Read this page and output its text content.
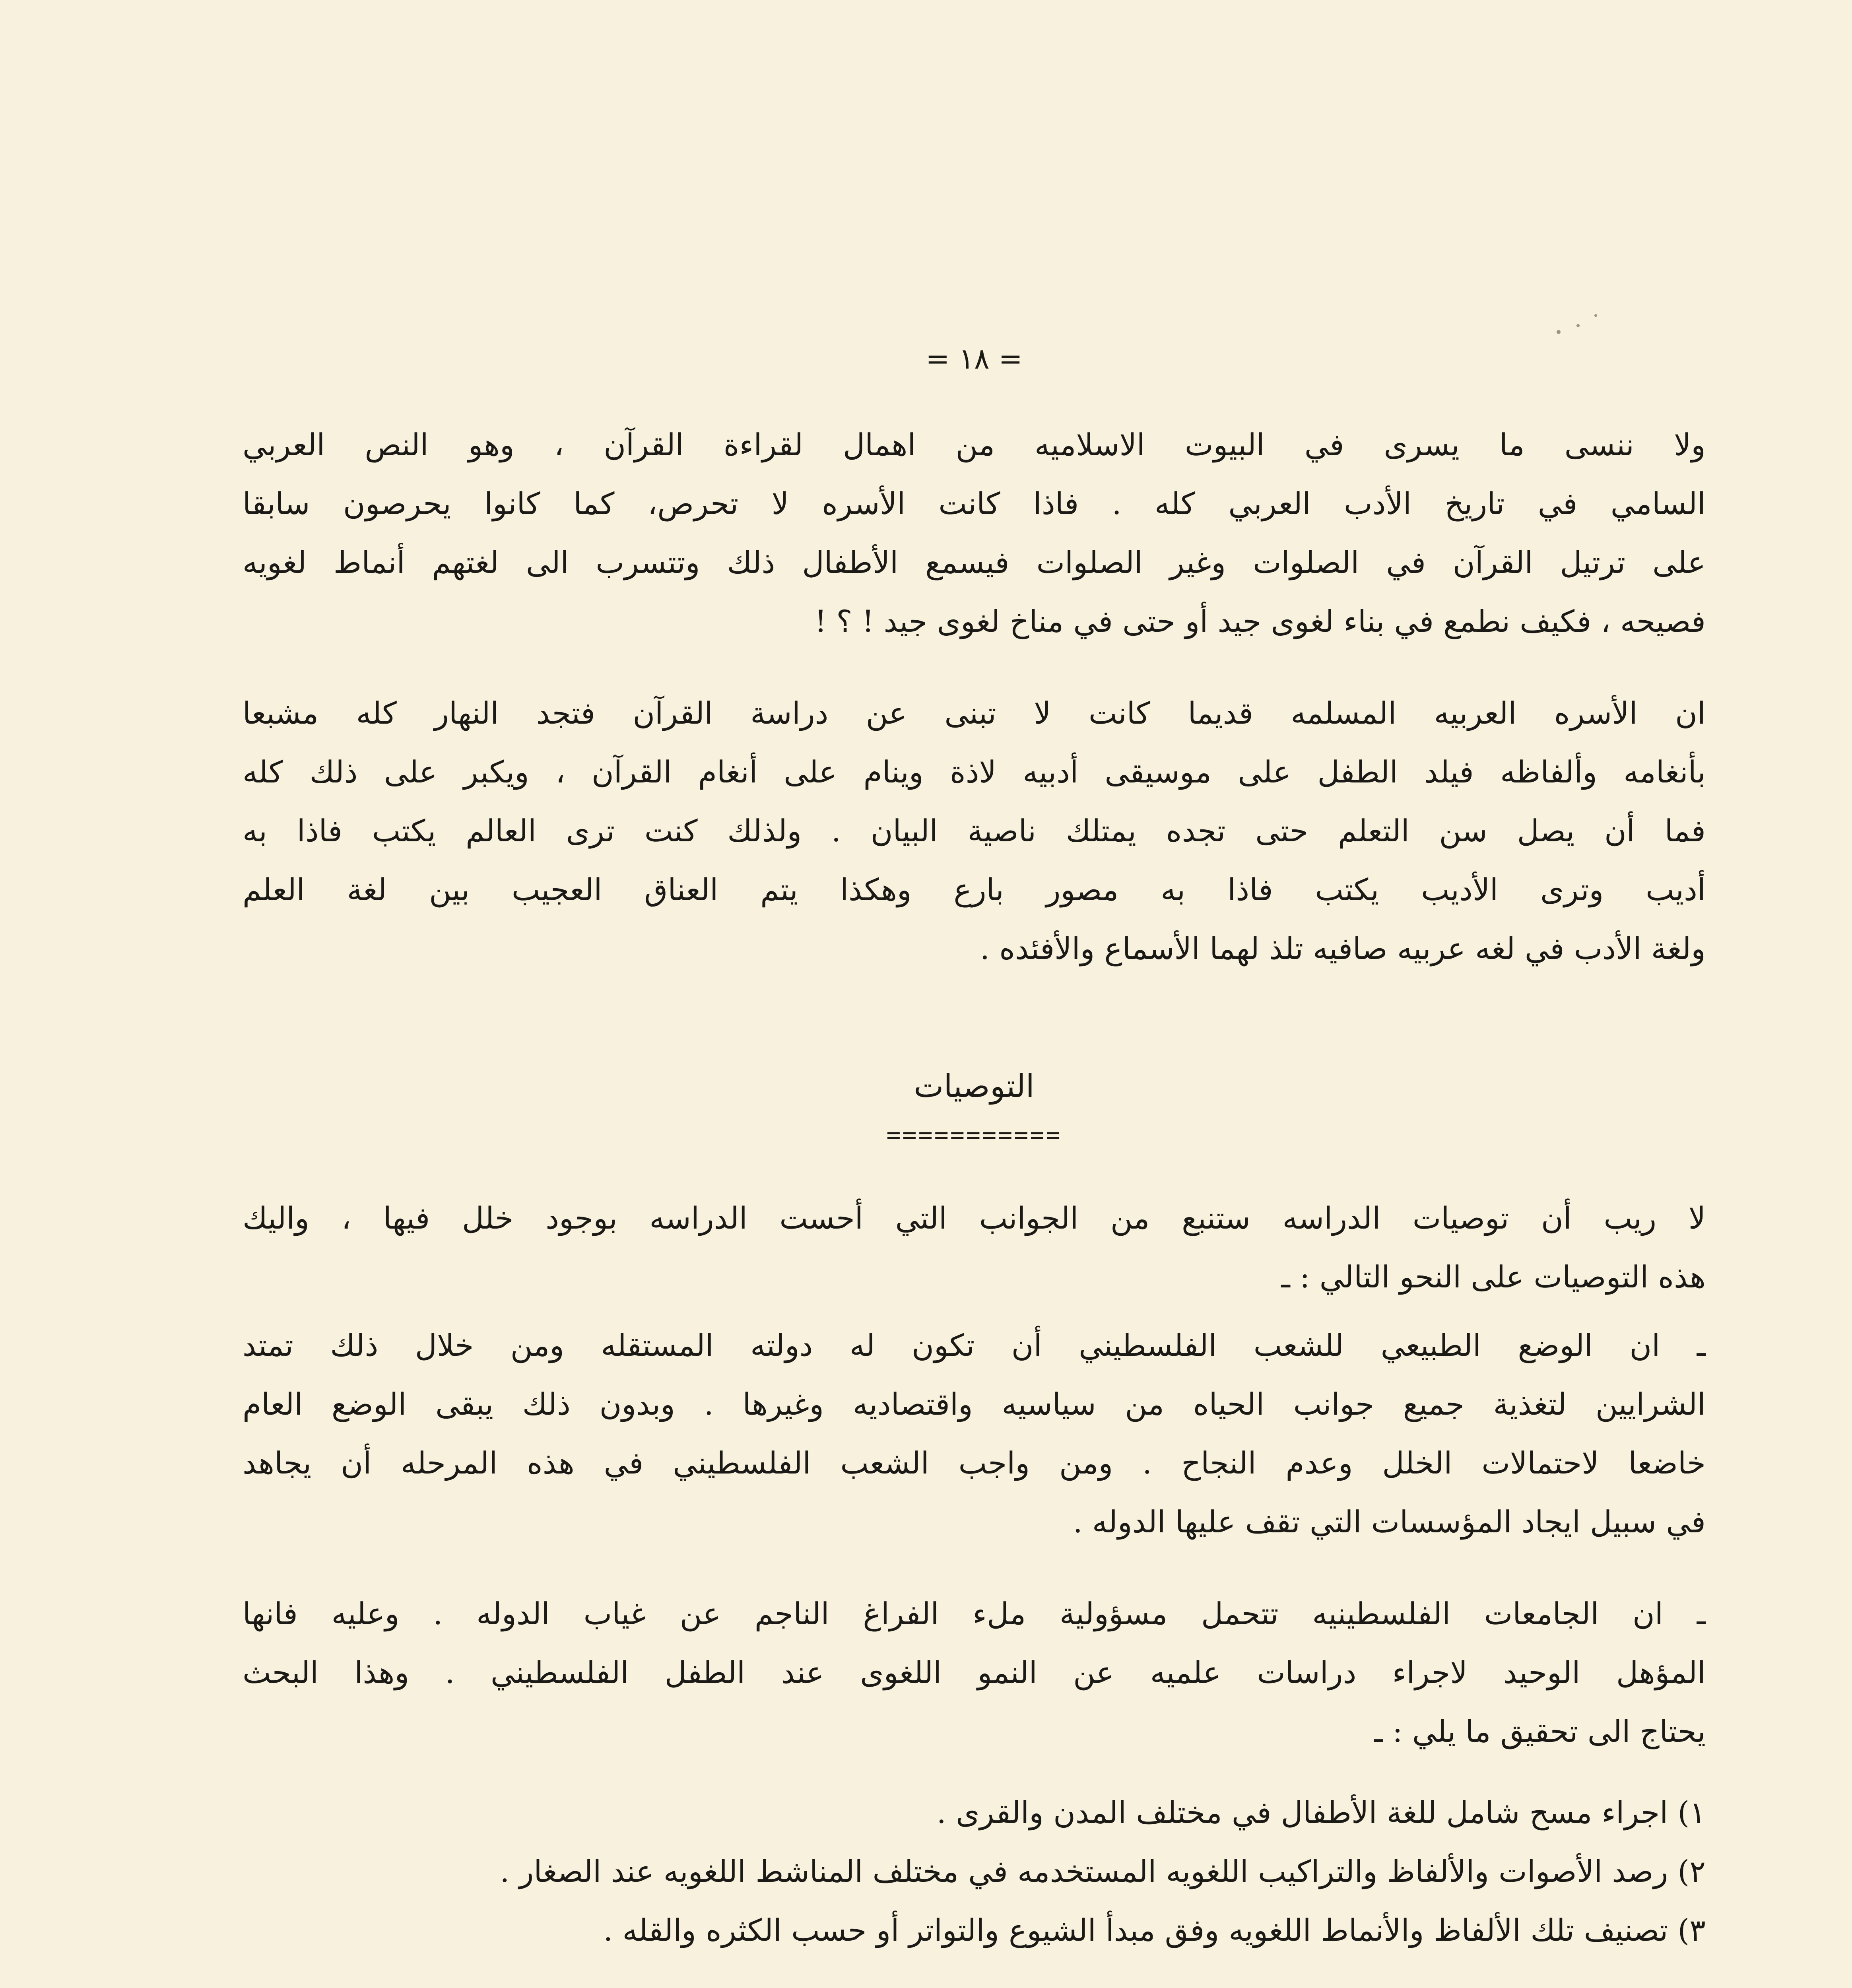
= ١٨ =
ولا ننسى ما يسرى في البيوت الاسلاميه من اهمال لقراءة القرآن ، وهو النص العربي
السامي في تاريخ الأدب العربي كله . فاذا كانت الأسره لا تحرص، كما كانوا يحرصون سابقا
على ترتيل القرآن في الصلوات وغير الصلوات فيسمع الأطفال ذلك وتتسرب الى لغتهم أنماط لغويه
فصيحه ، فكيف نطمع في بناء لغوى جيد أو حتى في مناخ لغوى جيد ! ؟ !
ان الأسره العربيه المسلمه قديما كانت لا تبنى عن دراسة القرآن فتجد النهار كله مشبعا
بأنغامه وألفاظه فيلد الطفل على موسيقى أدبيه لاذة وينام على أنغام القرآن ، ويكبر على ذلك كله
فما أن يصل سن التعلم حتى تجده يمتلك ناصية البيان . ولذلك كنت ترى العالم يكتب فاذا به
أديب وترى الأديب يكتب فاذا به مصور بارع وهكذا يتم العناق العجيب بين لغة العلم
ولغة الأدب في لغه عربيه صافيه تلذ لهما الأسماع والأفئده .
التوصيات
===========
لا ريب أن توصيات الدراسه ستنبع من الجوانب التي أحست الدراسه بوجود خلل فيها ، واليك
هذه التوصيات على النحو التالي : ـ
ـ ان الوضع الطبيعي للشعب الفلسطيني أن تكون له دولته المستقله ومن خلال ذلك تمتد
الشرايين لتغذية جميع جوانب الحياه من سياسيه واقتصاديه وغيرها . وبدون ذلك يبقى الوضع العام
خاضعا لاحتمالات الخلل وعدم النجاح . ومن واجب الشعب الفلسطيني في هذه المرحله أن يجاهد
في سبيل ايجاد المؤسسات التي تقف عليها الدوله .
ـ ان الجامعات الفلسطينيه تتحمل مسؤولية ملء الفراغ الناجم عن غياب الدوله . وعليه فانها
المؤهل الوحيد لاجراء دراسات علميه عن النمو اللغوى عند الطفل الفلسطيني . وهذا البحث
يحتاج الى تحقيق ما يلي : ـ
١) اجراء مسح شامل للغة الأطفال في مختلف المدن والقرى .
٢) رصد الأصوات والألفاظ والتراكيب اللغويه المستخدمه في مختلف المناشط اللغويه عند الصغار .
٣) تصنيف تلك الألفاظ والأنماط اللغويه وفق مبدأ الشيوع والتواتر أو حسب الكثره والقله .
